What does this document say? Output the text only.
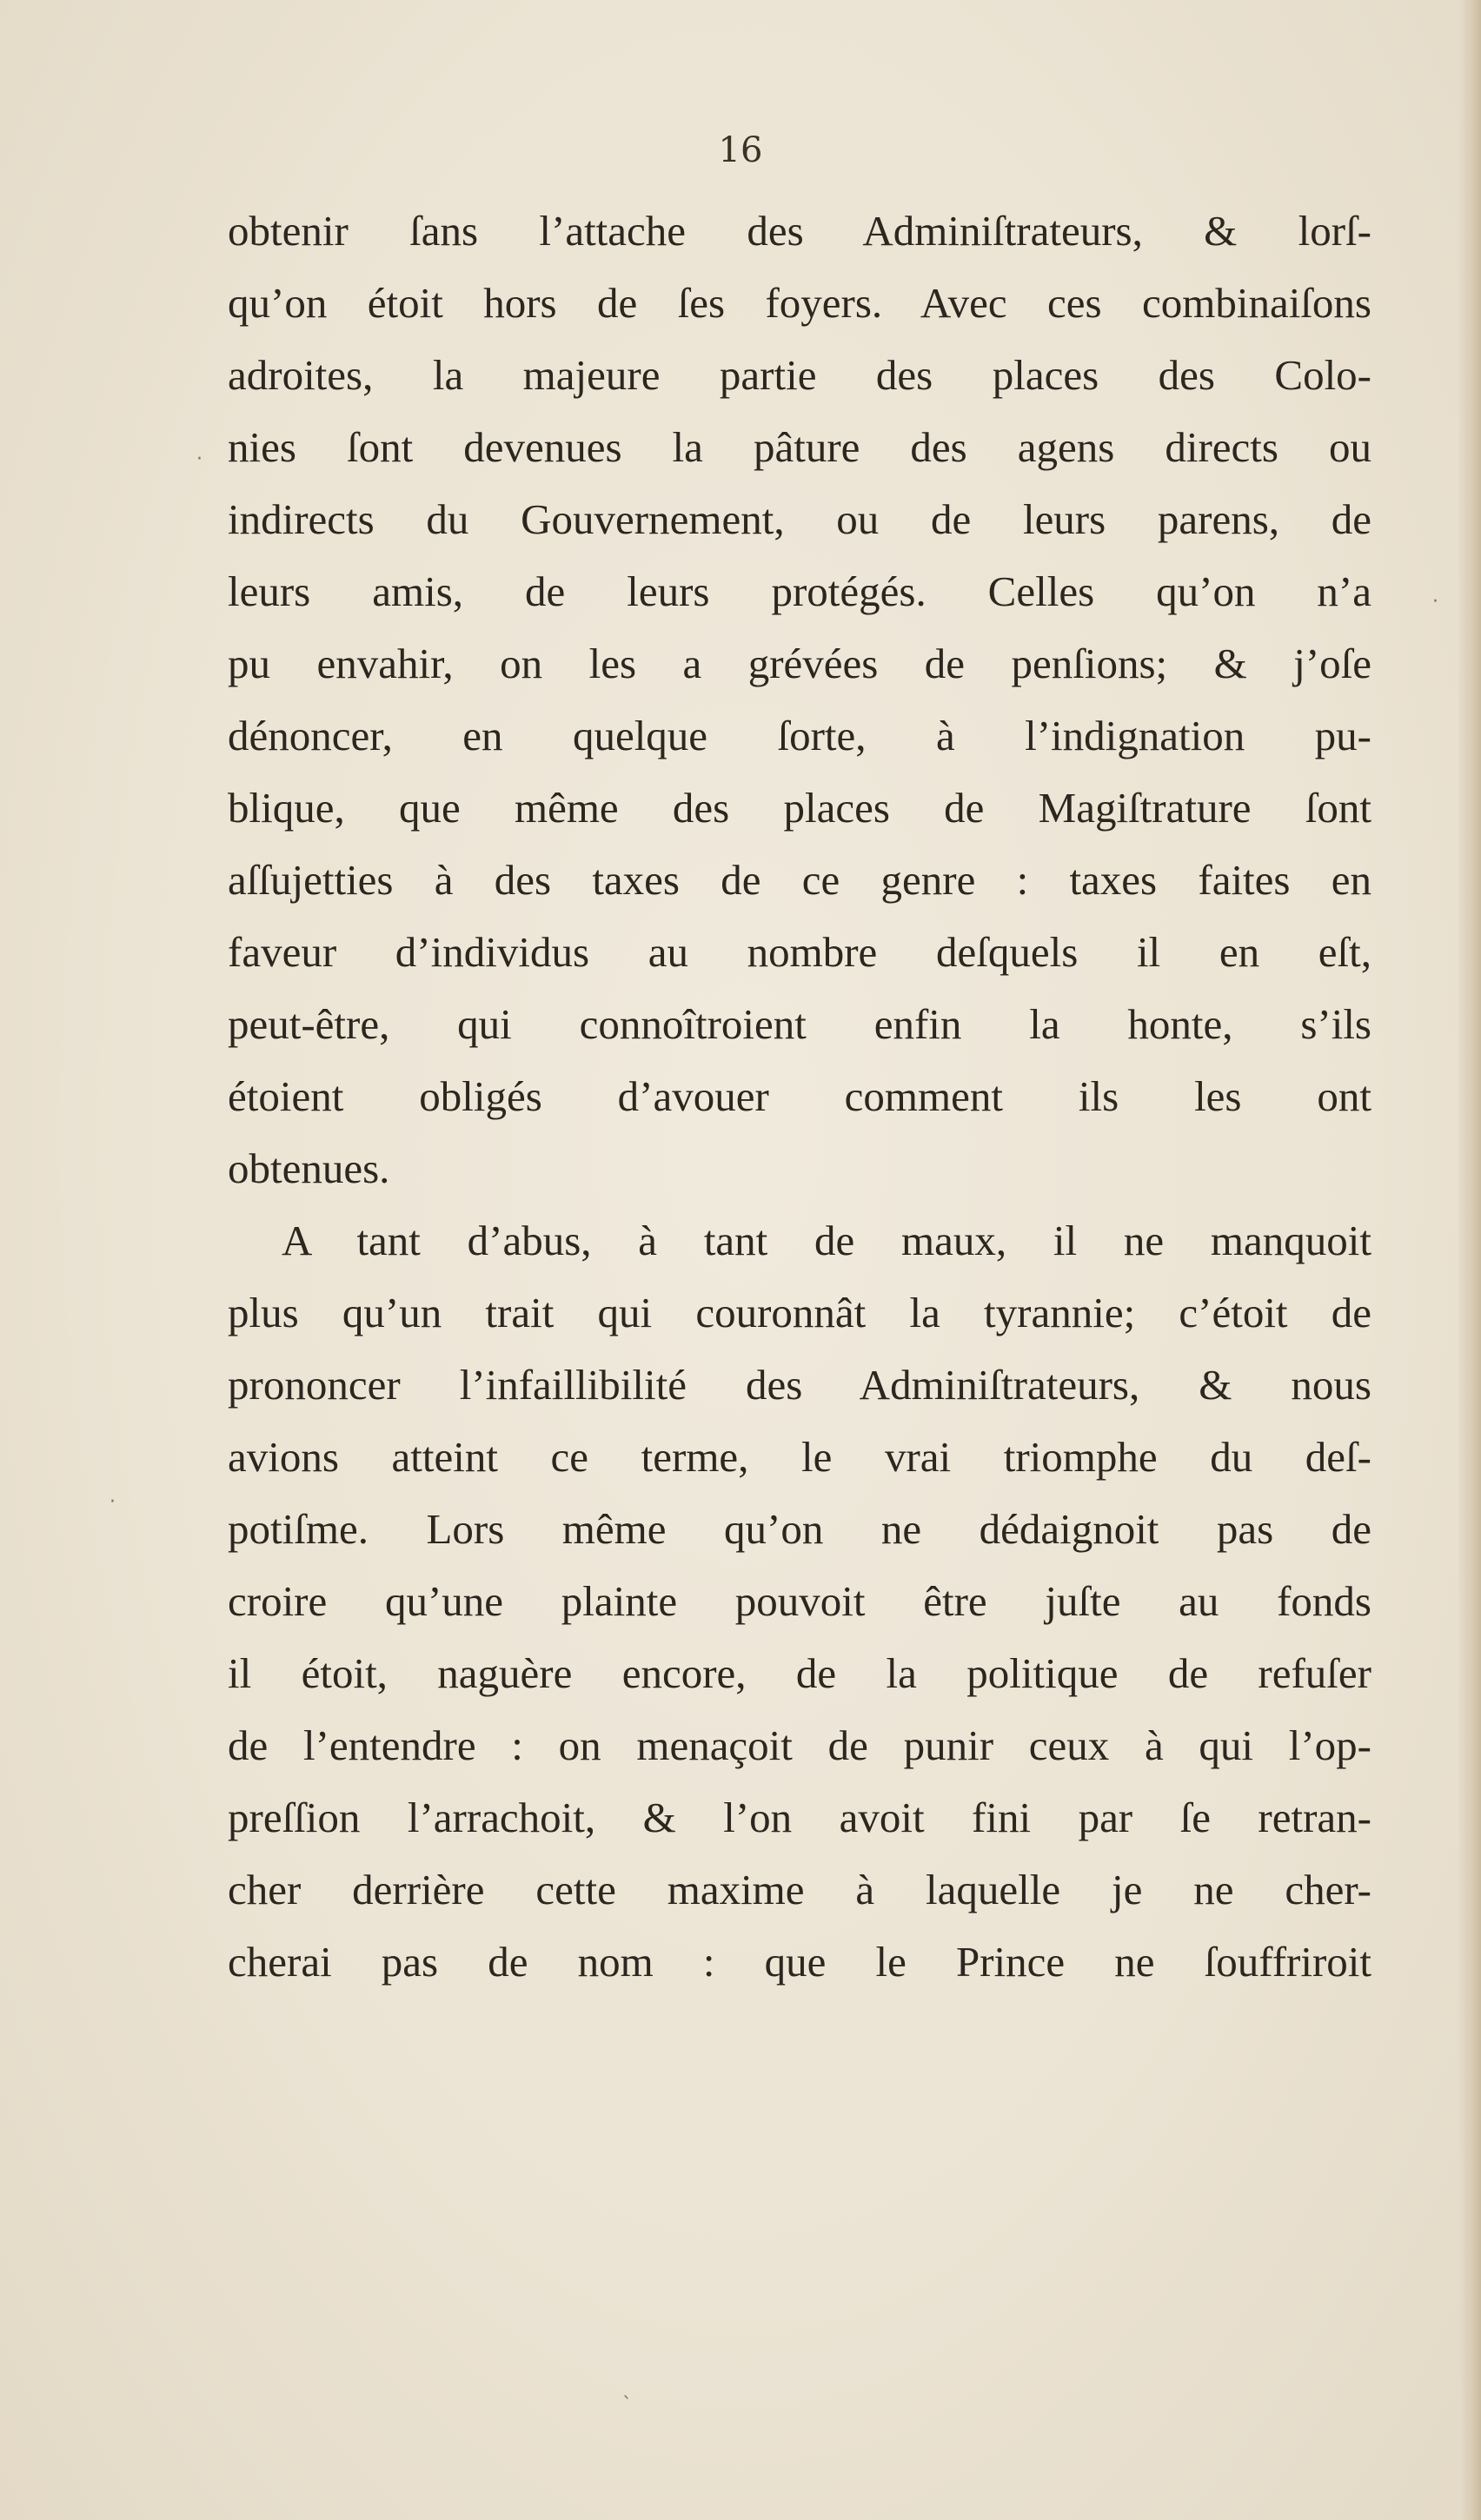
16
obtenir ſans l’attache des Adminiſtrateurs, & lorſ-
qu’on étoit hors de ſes foyers. Avec ces combinaiſons
adroites, la majeure partie des places des Colo-
nies ſont devenues la pâture des agens directs ou
indirects du Gouvernement, ou de leurs parens, de
leurs amis, de leurs protégés. Celles qu’on n’a
pu envahir, on les a grévées de penſions; & j’oſe
dénoncer, en quelque ſorte, à l’indignation pu-
blique, que même des places de Magiſtrature ſont
aſſujetties à des taxes de ce genre : taxes faites en
faveur d’individus au nombre deſquels il en eſt,
peut-être, qui connoîtroient enfin la honte, s’ils
étoient obligés d’avouer comment ils les ont
obtenues.
A tant d’abus, à tant de maux, il ne manquoit
plus qu’un trait qui couronnât la tyrannie; c’étoit de
prononcer l’infaillibilité des Adminiſtrateurs, & nous
avions atteint ce terme, le vrai triomphe du deſ-
potiſme. Lors même qu’on ne dédaignoit pas de
croire qu’une plainte pouvoit être juſte au fonds
il étoit, naguère encore, de la politique de refuſer
de l’entendre : on menaçoit de punir ceux à qui l’op-
preſſion l’arrachoit, & l’on avoit fini par ſe retran-
cher derrière cette maxime à laquelle je ne cher-
cherai pas de nom : que le Prince ne ſouffriroit
·
·
·
ˎ
